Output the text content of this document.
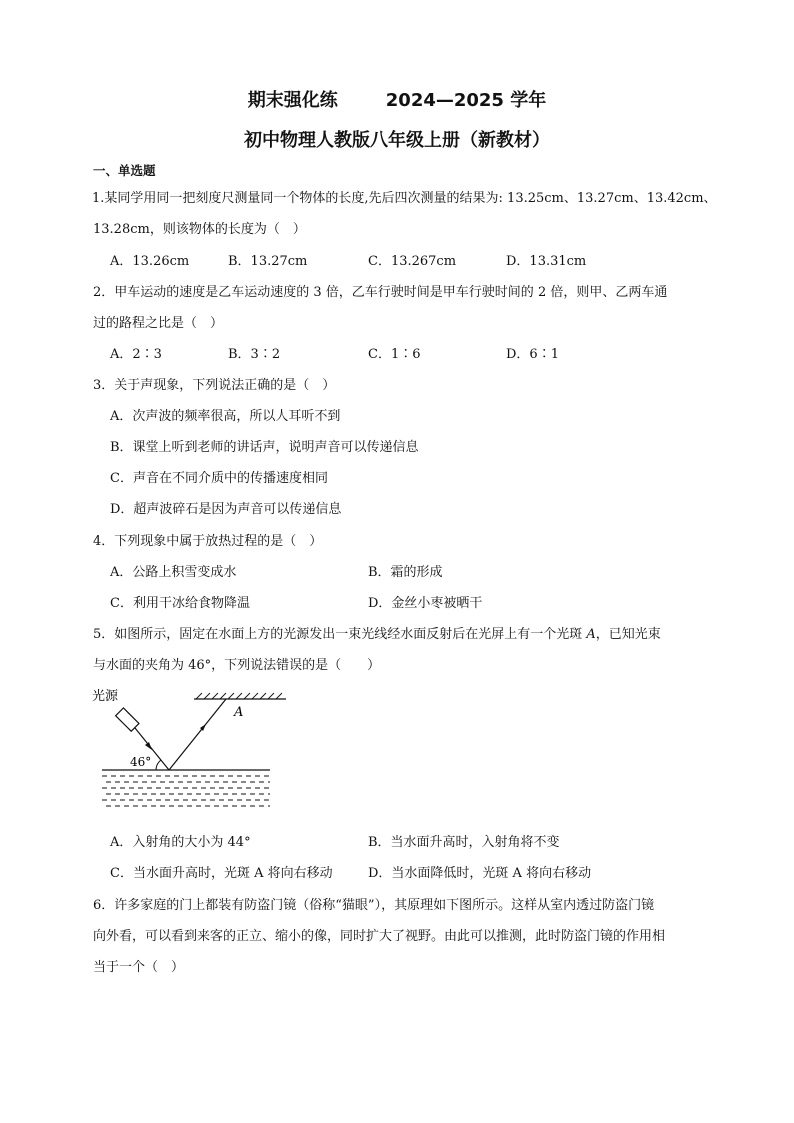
期末强化练	2024—2025 学年
初中物理人教版八年级上册（新教材）
一、单选题
1.某同学用同一把刻度尺测量同一个物体的长度,先后四次测量的结果为: 13.25cm、13.27cm、13.42cm、
13.28cm，则该物体的长度为（　）
A．13.26cm	B．13.27cm	C．13.267cm	D．13.31cm
2．甲车运动的速度是乙车运动速度的 3 倍，乙车行驶时间是甲车行驶时间的 2 倍，则甲、乙两车通
过的路程之比是（　）
A．2∶3	B．3∶2	C．1∶6	D．6∶1
3．关于声现象，下列说法正确的是（　）
A．次声波的频率很高，所以人耳听不到
B．课堂上听到老师的讲话声，说明声音可以传递信息
C．声音在不同介质中的传播速度相同
D．超声波碎石是因为声音可以传递信息
4．下列现象中属于放热过程的是（　）
A．公路上积雪变成水	B．霜的形成
C．利用干冰给食物降温	D．金丝小枣被晒干
5．如图所示，固定在水面上方的光源发出一束光线经水面反射后在光屏上有一个光斑 A，已知光束
与水面的夹角为 46°，下列说法错误的是（　　）
光源
A
46°
A．入射角的大小为 44°	B．当水面升高时，入射角将不变
C．当水面升高时，光斑 A 将向右移动	D．当水面降低时，光斑 A 将向右移动
6．许多家庭的门上都装有防盗门镜（俗称“猫眼”），其原理如下图所示。这样从室内透过防盗门镜
向外看，可以看到来客的正立、缩小的像，同时扩大了视野。由此可以推测，此时防盗门镜的作用相
当于一个（　）
